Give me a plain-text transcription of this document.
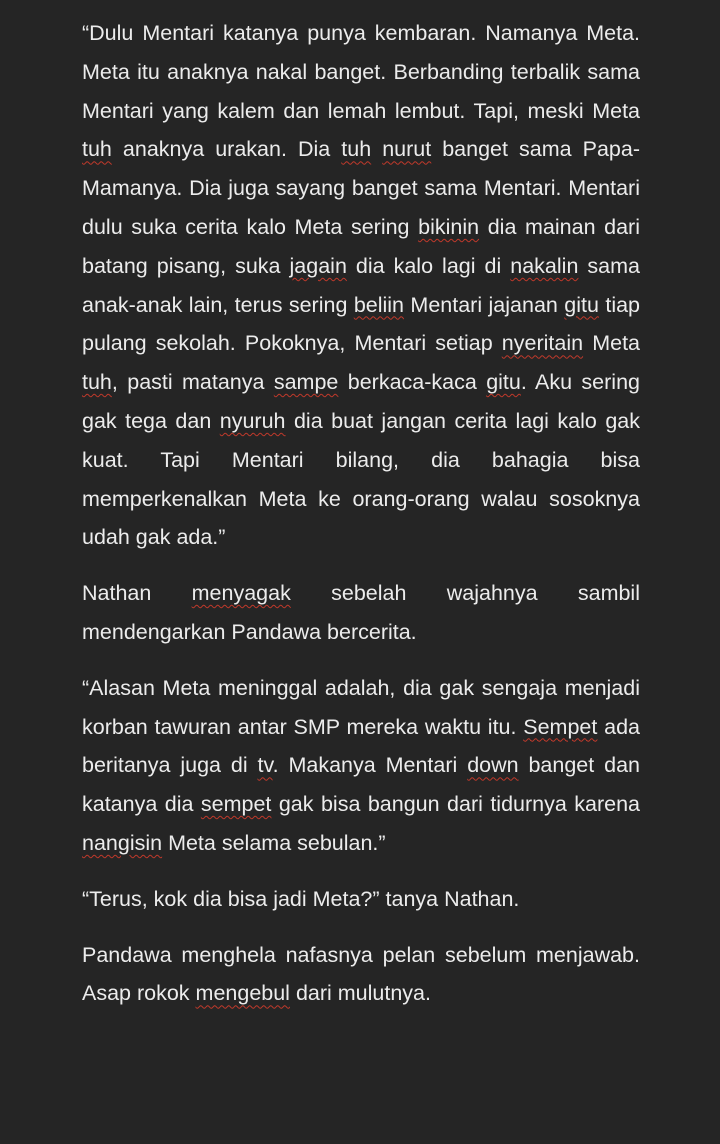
“Dulu Mentari katanya punya kembaran. Namanya Meta. Meta itu anaknya nakal banget. Berbanding terbalik sama Mentari yang kalem dan lemah lembut. Tapi, meski Meta tuh anaknya urakan. Dia tuh nurut banget sama Papa-Mamanya. Dia juga sayang banget sama Mentari. Mentari dulu suka cerita kalo Meta sering bikinin dia mainan dari batang pisang, suka jagain dia kalo lagi di nakalin sama anak-anak lain, terus sering beliin Mentari jajanan gitu tiap pulang sekolah. Pokoknya, Mentari setiap nyeritain Meta tuh, pasti matanya sampe berkaca-kaca gitu. Aku sering gak tega dan nyuruh dia buat jangan cerita lagi kalo gak kuat. Tapi Mentari bilang, dia bahagia bisa memperkenalkan Meta ke orang-orang walau sosoknya udah gak ada.”

Nathan menyagak sebelah wajahnya sambil mendengarkan Pandawa bercerita.

“Alasan Meta meninggal adalah, dia gak sengaja menjadi korban tawuran antar SMP mereka waktu itu. Sempet ada beritanya juga di tv. Makanya Mentari down banget dan katanya dia sempet gak bisa bangun dari tidurnya karena nangisin Meta selama sebulan.”

“Terus, kok dia bisa jadi Meta?” tanya Nathan.

Pandawa menghela nafasnya pelan sebelum menjawab. Asap rokok mengebul dari mulutnya.
